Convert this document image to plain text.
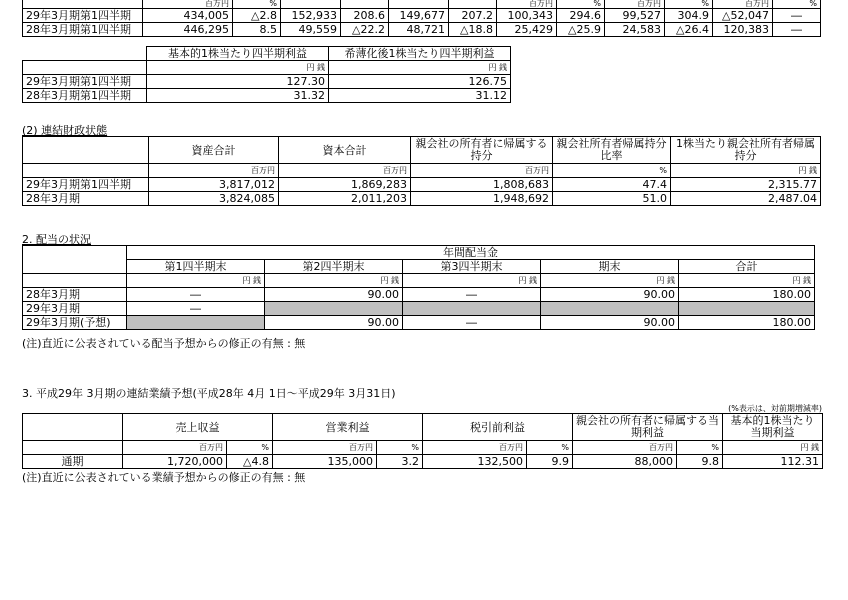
	百万円	%					百万円	%	百万円	%	百万円	%
29年3月期第1四半期	434,005	△2.8	152,933	208.6	149,677	207.2	100,343	294.6	99,527	304.9	△52,047	―
28年3月期第1四半期	446,295	8.5	49,559	△22.2	48,721	△18.8	25,429	△25.9	24,583	△26.4	120,383	―
	基本的1株当たり四半期利益	希薄化後1株当たり四半期利益
	円 銭	円 銭
29年3月期第1四半期	127.30	126.75
28年3月期第1四半期	31.32	31.12
(2) 連結財政状態
	資産合計	資本合計	親会社の所有者に帰属する持分	親会社所有者帰属持分比率	1株当たり親会社所有者帰属持分
	百万円	百万円	百万円	%	円 銭
29年3月期第1四半期	3,817,012	1,869,283	1,808,683	47.4	2,315.77
28年3月期	3,824,085	2,011,203	1,948,692	51.0	2,487.04
2. 配当の状況
	年間配当金				
	第1四半期末	第2四半期末	第3四半期末	期末	合計
	円 銭	円 銭	円 銭	円 銭	円 銭
28年3月期	―	90.00	―	90.00	180.00
29年3月期	―				
29年3月期(予想)		90.00	―	90.00	180.00
(注)直近に公表されている配当予想からの修正の有無 : 無
3. 平成29年 3月期の連結業績予想(平成28年 4月 1日～平成29年 3月31日)
(%表示は、対前期増減率)
	売上収益		営業利益		税引前利益		親会社の所有者に帰属する当期利益		基本的1株当たり当期利益
	百万円	%	百万円	%	百万円	%	百万円	%	円 銭
通期	1,720,000	△4.8	135,000	3.2	132,500	9.9	88,000	9.8	112.31
(注)直近に公表されている業績予想からの修正の有無 : 無
